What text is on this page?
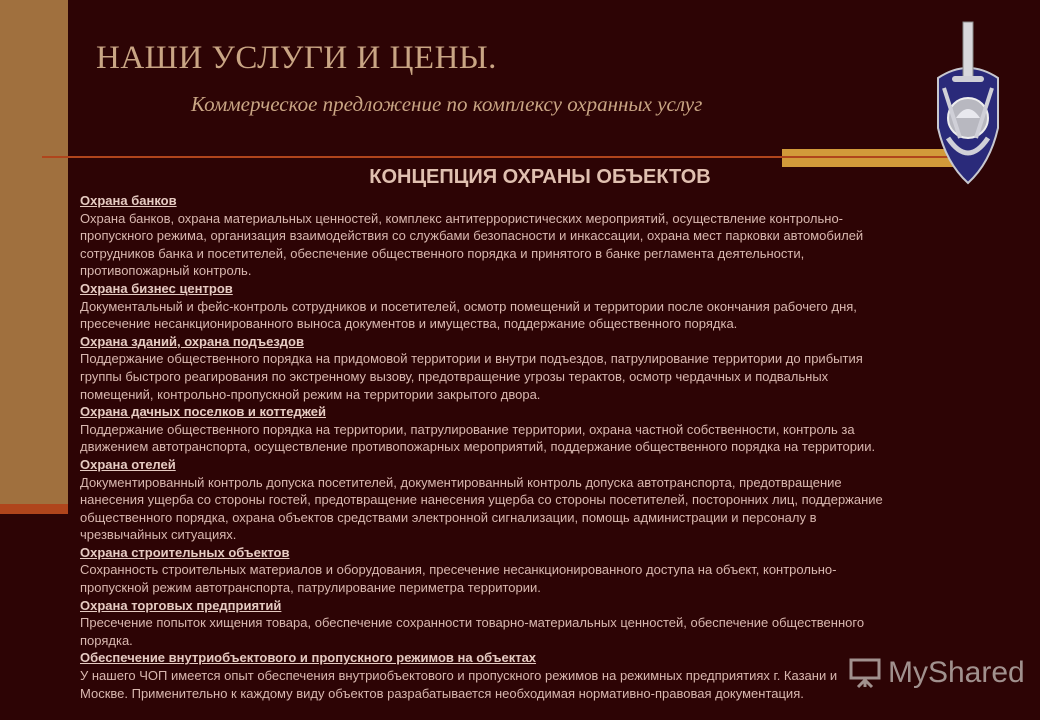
НАШИ УСЛУГИ И ЦЕНЫ.
Коммерческое предложение по комплексу охранных услуг
КОНЦЕПЦИЯ ОХРАНЫ ОБЪЕКТОВ
Охрана банков
Охрана банков, охрана материальных ценностей, комплекс антитеррористических мероприятий, осуществление контрольно-
пропускного режима, организация взаимодействия со службами безопасности и инкассации, охрана мест парковки автомобилей
сотрудников банка и посетителей, обеспечение общественного порядка и принятого в банке регламента деятельности,
противопожарный контроль.
Охрана бизнес центров
Документальный и фейс-контроль сотрудников и посетителей, осмотр помещений и территории после окончания рабочего дня,
пресечение несанкционированного выноса документов и имущества, поддержание общественного порядка.
Охрана зданий, охрана подъездов
Поддержание общественного порядка на придомовой территории и внутри подъездов, патрулирование территории до прибытия
группы быстрого реагирования по экстренному вызову, предотвращение угрозы терактов, осмотр чердачных и подвальных
помещений, контрольно-пропускной режим на территории закрытого двора.
Охрана дачных поселков и коттеджей
Поддержание общественного порядка на территории, патрулирование территории, охрана частной собственности, контроль за
движением автотранспорта, осуществление противопожарных мероприятий, поддержание общественного порядка на территории.
Охрана отелей
Документированный контроль допуска посетителей, документированный контроль допуска автотранспорта, предотвращение
нанесения ущерба со стороны гостей, предотвращение нанесения ущерба со стороны посетителей, посторонних лиц, поддержание
общественного порядка, охрана объектов средствами электронной сигнализации, помощь администрации и персоналу в
чрезвычайных ситуациях.
Охрана строительных объектов
Сохранность строительных материалов и оборудования, пресечение несанкционированного доступа на объект, контрольно-
пропускной режим автотранспорта, патрулирование периметра территории.
Охрана торговых предприятий
Пресечение попыток хищения товара, обеспечение сохранности товарно-материальных ценностей, обеспечение общественного
порядка.
Обеспечение внутриобъектового и пропускного режимов на объектах
У нашего ЧОП имеется опыт обеспечения внутриобъектового и пропускного режимов на режимных предприятиях г. Казани и
Москве. Применительно к каждому виду объектов разрабатывается необходимая нормативно-правовая документация.
MyShared
